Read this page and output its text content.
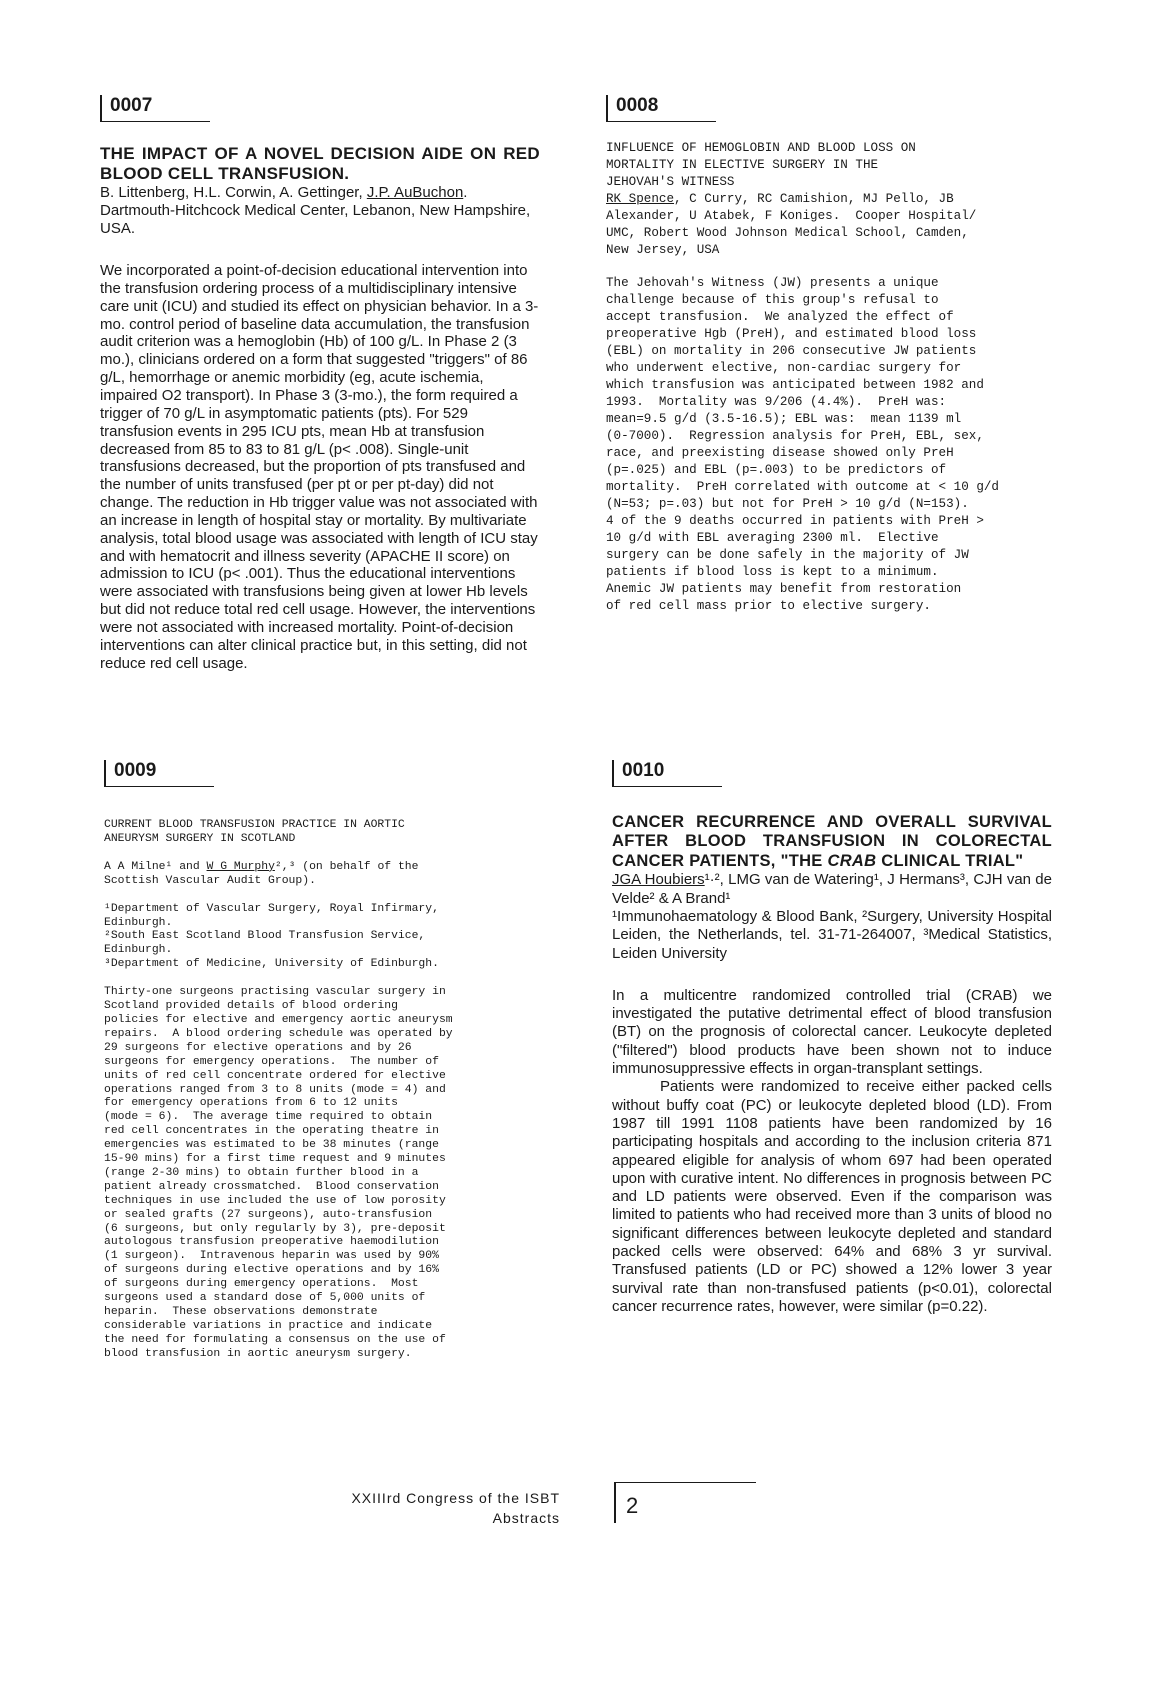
0007
THE IMPACT OF A NOVEL DECISION AIDE ON RED BLOOD CELL TRANSFUSION.
B. Littenberg, H.L. Corwin, A. Gettinger, J.P. AuBuchon.
Dartmouth-Hitchcock Medical Center, Lebanon, New Hampshire, USA.

We incorporated a point-of-decision educational intervention into the transfusion ordering process of a multidisciplinary intensive care unit (ICU) and studied its effect on physician behavior. In a 3-mo. control period of baseline data accumulation, the transfusion audit criterion was a hemoglobin (Hb) of 100 g/L. In Phase 2 (3 mo.), clinicians ordered on a form that suggested "triggers" of 86 g/L, hemorrhage or anemic morbidity (eg, acute ischemia, impaired O2 transport). In Phase 3 (3-mo.), the form required a trigger of 70 g/L in asymptomatic patients (pts). For 529 transfusion events in 295 ICU pts, mean Hb at transfusion decreased from 85 to 83 to 81 g/L (p< .008). Single-unit transfusions decreased, but the proportion of pts transfused and the number of units transfused (per pt or per pt-day) did not change. The reduction in Hb trigger value was not associated with an increase in length of hospital stay or mortality. By multivariate analysis, total blood usage was associated with length of ICU stay and with hematocrit and illness severity (APACHE II score) on admission to ICU (p< .001). Thus the educational interventions were associated with transfusions being given at lower Hb levels but did not reduce total red cell usage. However, the interventions were not associated with increased mortality. Point-of-decision interventions can alter clinical practice but, in this setting, did not reduce red cell usage.

0008
INFLUENCE OF HEMOGLOBIN AND BLOOD LOSS ON
MORTALITY IN ELECTIVE SURGERY IN THE
JEHOVAH'S WITNESS
RK Spence, C Curry, RC Camishion, MJ Pello, JB
Alexander, U Atabek, F Koniges.  Cooper Hospital/
UMC, Robert Wood Johnson Medical School, Camden,
New Jersey, USA
The Jehovah's Witness (JW) presents a unique
challenge because of this group's refusal to
accept transfusion.  We analyzed the effect of
preoperative Hgb (PreH), and estimated blood loss
(EBL) on mortality in 206 consecutive JW patients
who underwent elective, non-cardiac surgery for
which transfusion was anticipated between 1982 and
1993.  Mortality was 9/206 (4.4%).  PreH was:
mean=9.5 g/d (3.5-16.5); EBL was:  mean 1139 ml
(0-7000).  Regression analysis for PreH, EBL, sex,
race, and preexisting disease showed only PreH
(p=.025) and EBL (p=.003) to be predictors of
mortality.  PreH correlated with outcome at < 10 g/d
(N=53; p=.03) but not for PreH > 10 g/d (N=153).
4 of the 9 deaths occurred in patients with PreH >
10 g/d with EBL averaging 2300 ml.  Elective
surgery can be done safely in the majority of JW
patients if blood loss is kept to a minimum.
Anemic JW patients may benefit from restoration
of red cell mass prior to elective surgery.
0009
CURRENT BLOOD TRANSFUSION PRACTICE IN AORTIC
ANEURYSM SURGERY IN SCOTLAND
A A Milne¹ and W G Murphy²,³ (on behalf of the
Scottish Vascular Audit Group).
¹Department of Vascular Surgery, Royal Infirmary,
Edinburgh.
²South East Scotland Blood Transfusion Service,
Edinburgh.
³Department of Medicine, University of Edinburgh.
Thirty-one surgeons practising vascular surgery in
Scotland provided details of blood ordering
policies for elective and emergency aortic aneurysm
repairs.  A blood ordering schedule was operated by
29 surgeons for elective operations and by 26
surgeons for emergency operations.  The number of
units of red cell concentrate ordered for elective
operations ranged from 3 to 8 units (mode = 4) and
for emergency operations from 6 to 12 units
(mode = 6).  The average time required to obtain
red cell concentrates in the operating theatre in
emergencies was estimated to be 38 minutes (range
15-90 mins) for a first time request and 9 minutes
(range 2-30 mins) to obtain further blood in a
patient already crossmatched.  Blood conservation
techniques in use included the use of low porosity
or sealed grafts (27 surgeons), auto-transfusion
(6 surgeons, but only regularly by 3), pre-deposit
autologous transfusion preoperative haemodilution
(1 surgeon).  Intravenous heparin was used by 90%
of surgeons during elective operations and by 16%
of surgeons during emergency operations.  Most
surgeons used a standard dose of 5,000 units of
heparin.  These observations demonstrate
considerable variations in practice and indicate
the need for formulating a consensus on the use of
blood transfusion in aortic aneurysm surgery.
0010
CANCER RECURRENCE AND OVERALL SURVIVAL AFTER BLOOD TRANSFUSION IN COLORECTAL CANCER PATIENTS, "THE CRAB CLINICAL TRIAL"
JGA Houbiers¹·², LMG van de Watering¹, J Hermans³, CJH van de Velde² & A Brand¹
¹Immunohaematology & Blood Bank, ²Surgery, University Hospital Leiden, the Netherlands, tel. 31-71-264007, ³Medical Statistics, Leiden University

In a multicentre randomized controlled trial (CRAB) we investigated the putative detrimental effect of blood transfusion (BT) on the prognosis of colorectal cancer. Leukocyte depleted ("filtered") blood products have been shown not to induce immunosuppressive effects in organ-transplant settings.

Patients were randomized to receive either packed cells without buffy coat (PC) or leukocyte depleted blood (LD). From 1987 till 1991 1108 patients have been randomized by 16 participating hospitals and according to the inclusion criteria 871 appeared eligible for analysis of whom 697 had been operated upon with curative intent. No differences in prognosis between PC and LD patients were observed. Even if the comparison was limited to patients who had received more than 3 units of blood no significant differences between leukocyte depleted and standard packed cells were observed: 64% and 68% 3 yr survival. Transfused patients (LD or PC) showed a 12% lower 3 year survival rate than non-transfused patients (p<0.01), colorectal cancer recurrence rates, however, were similar (p=0.22).

XXIIIrd Congress of the ISBT
Abstracts	2
